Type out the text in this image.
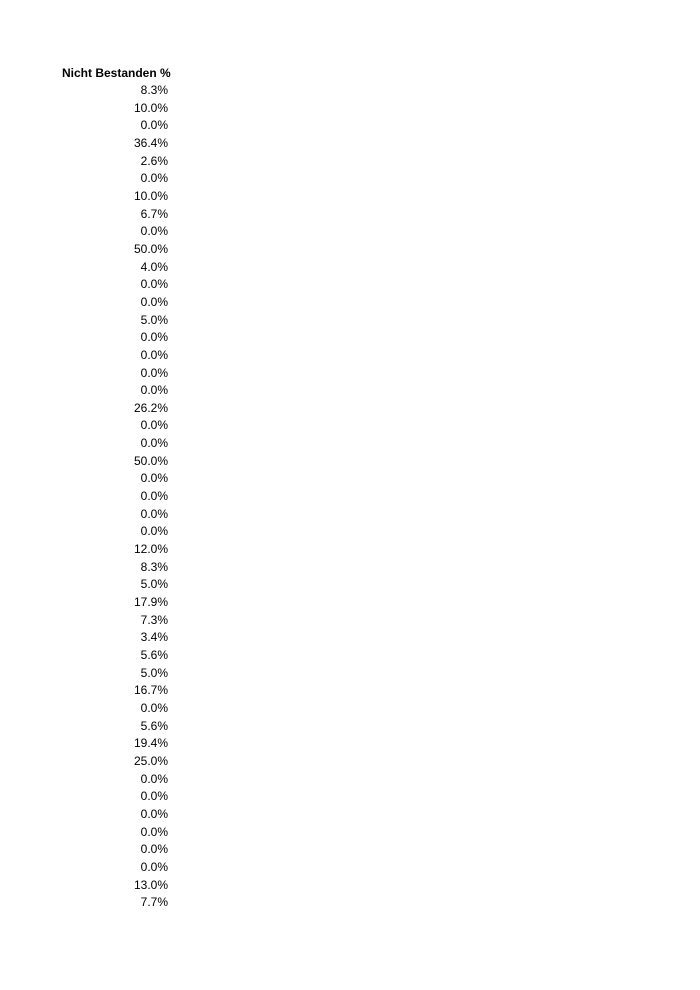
Nicht Bestanden %
8.3%
10.0%
0.0%
36.4%
2.6%
0.0%
10.0%
6.7%
0.0%
50.0%
4.0%
0.0%
0.0%
5.0%
0.0%
0.0%
0.0%
0.0%
26.2%
0.0%
0.0%
50.0%
0.0%
0.0%
0.0%
0.0%
12.0%
8.3%
5.0%
17.9%
7.3%
3.4%
5.6%
5.0%
16.7%
0.0%
5.6%
19.4%
25.0%
0.0%
0.0%
0.0%
0.0%
0.0%
0.0%
13.0%
7.7%
